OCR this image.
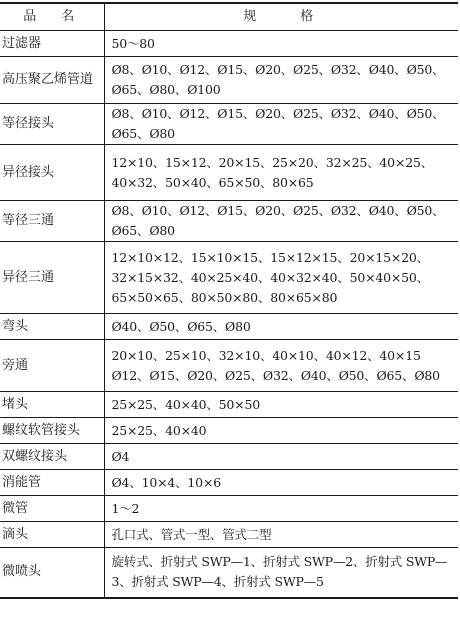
品　名	规　　格
过滤器	50～80
高压聚乙烯管道	Ø8、Ø10、Ø12、Ø15、Ø20、Ø25、Ø32、Ø40、Ø50、Ø65、Ø80、Ø100
等径接头	Ø8、Ø10、Ø12、Ø15、Ø20、Ø25、Ø32、Ø40、Ø50、Ø65、Ø80
异径接头	12×10、15×12、20×15、25×20、32×25、40×25、40×32、50×40、65×50、80×65
等径三通	Ø8、Ø10、Ø12、Ø15、Ø20、Ø25、Ø32、Ø40、Ø50、Ø65、Ø80
异径三通	12×10×12、15×10×15、15×12×15、20×15×20、32×15×32、40×25×40、40×32×40、50×40×50、65×50×65、80×50×80、80×65×80
弯头	Ø40、Ø50、Ø65、Ø80
旁通	20×10、25×10、32×10、40×10、40×12、40×15 Ø12、Ø15、Ø20、Ø25、Ø32、Ø40、Ø50、Ø65、Ø80
堵头	25×25、40×40、50×50
螺纹软管接头	25×25、40×40
双螺纹接头	Ø4
消能管	Ø4、10×4、10×6
微管	1～2
滴头	孔口式、管式一型、管式二型
微喷头	旋转式、折射式 SWP—1、折射式 SWP—2、折射式 SWP—3、折射式 SWP—4、折射式 SWP—5
